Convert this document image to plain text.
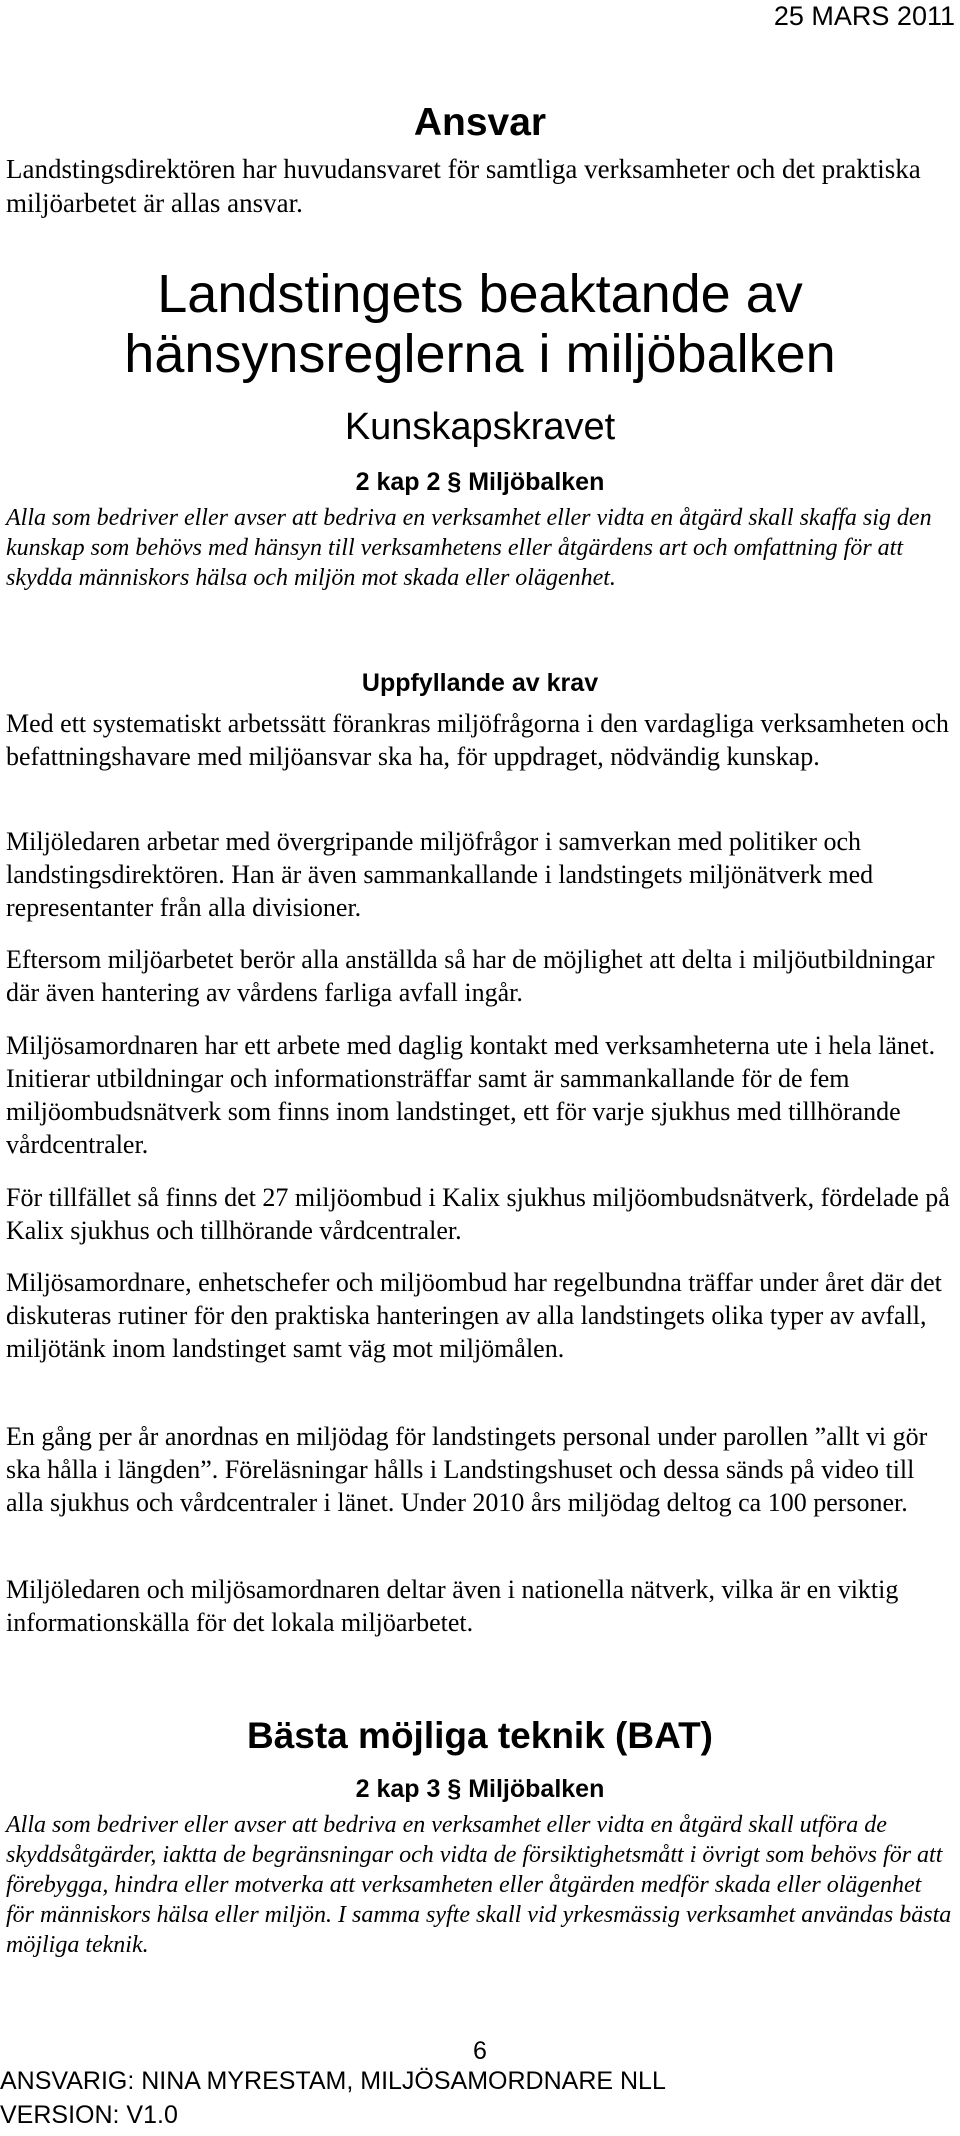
25 MARS 2011
Ansvar
Landstingsdirektören har huvudansvaret för samtliga verksamheter och det praktiska miljöarbetet är allas ansvar.
Landstingets beaktande av
hänsynsreglerna i miljöbalken
Kunskapskravet
2 kap 2 § Miljöbalken
Alla som bedriver eller avser att bedriva en verksamhet eller vidta en åtgärd skall skaffa sig den kunskap som behövs med hänsyn till verksamhetens eller åtgärdens art och omfattning för att skydda människors hälsa och miljön mot skada eller olägenhet.
Uppfyllande av krav
Med ett systematiskt arbetssätt förankras miljöfrågorna i den vardagliga verksamheten och befattningshavare med miljöansvar ska ha, för uppdraget, nödvändig kunskap.
Miljöledaren arbetar med övergripande miljöfrågor i samverkan med politiker och landstingsdirektören. Han är även sammankallande i landstingets miljönätverk med representanter från alla divisioner.
Eftersom miljöarbetet berör alla anställda så har de möjlighet att delta i miljöutbildningar där även hantering av vårdens farliga avfall ingår.
Miljösamordnaren har ett arbete med daglig kontakt med verksamheterna ute i hela länet. Initierar utbildningar och informationsträffar samt är sammankallande för de fem miljöombudsnätverk som finns inom landstinget, ett för varje sjukhus med tillhörande vårdcentraler.
För tillfället så finns det 27 miljöombud i Kalix sjukhus miljöombudsnätverk, fördelade på Kalix sjukhus och tillhörande vårdcentraler.
Miljösamordnare, enhetschefer och miljöombud har regelbundna träffar under året där det diskuteras rutiner för den praktiska hanteringen av alla landstingets olika typer av avfall, miljötänk inom landstinget samt väg mot miljömålen.
En gång per år anordnas en miljödag för landstingets personal under parollen ”allt vi gör ska hålla i längden”. Föreläsningar hålls i Landstingshuset och dessa sänds på video till alla sjukhus och vårdcentraler i länet. Under 2010 års miljödag deltog ca 100 personer.
Miljöledaren och miljösamordnaren deltar även i nationella nätverk, vilka är en viktig informationskälla för det lokala miljöarbetet.
Bästa möjliga teknik (BAT)
2 kap 3 § Miljöbalken
Alla som bedriver eller avser att bedriva en verksamhet eller vidta en åtgärd skall utföra de skyddsåtgärder, iaktta de begränsningar och vidta de försiktighetsmått i övrigt som behövs för att förebygga, hindra eller motverka att verksamheten eller åtgärden medför skada eller olägenhet för människors hälsa eller miljön. I samma syfte skall vid yrkesmässig verksamhet användas bästa möjliga teknik.
6
ANSVARIG: NINA MYRESTAM, MILJÖSAMORDNARE NLL
VERSION: V1.0
